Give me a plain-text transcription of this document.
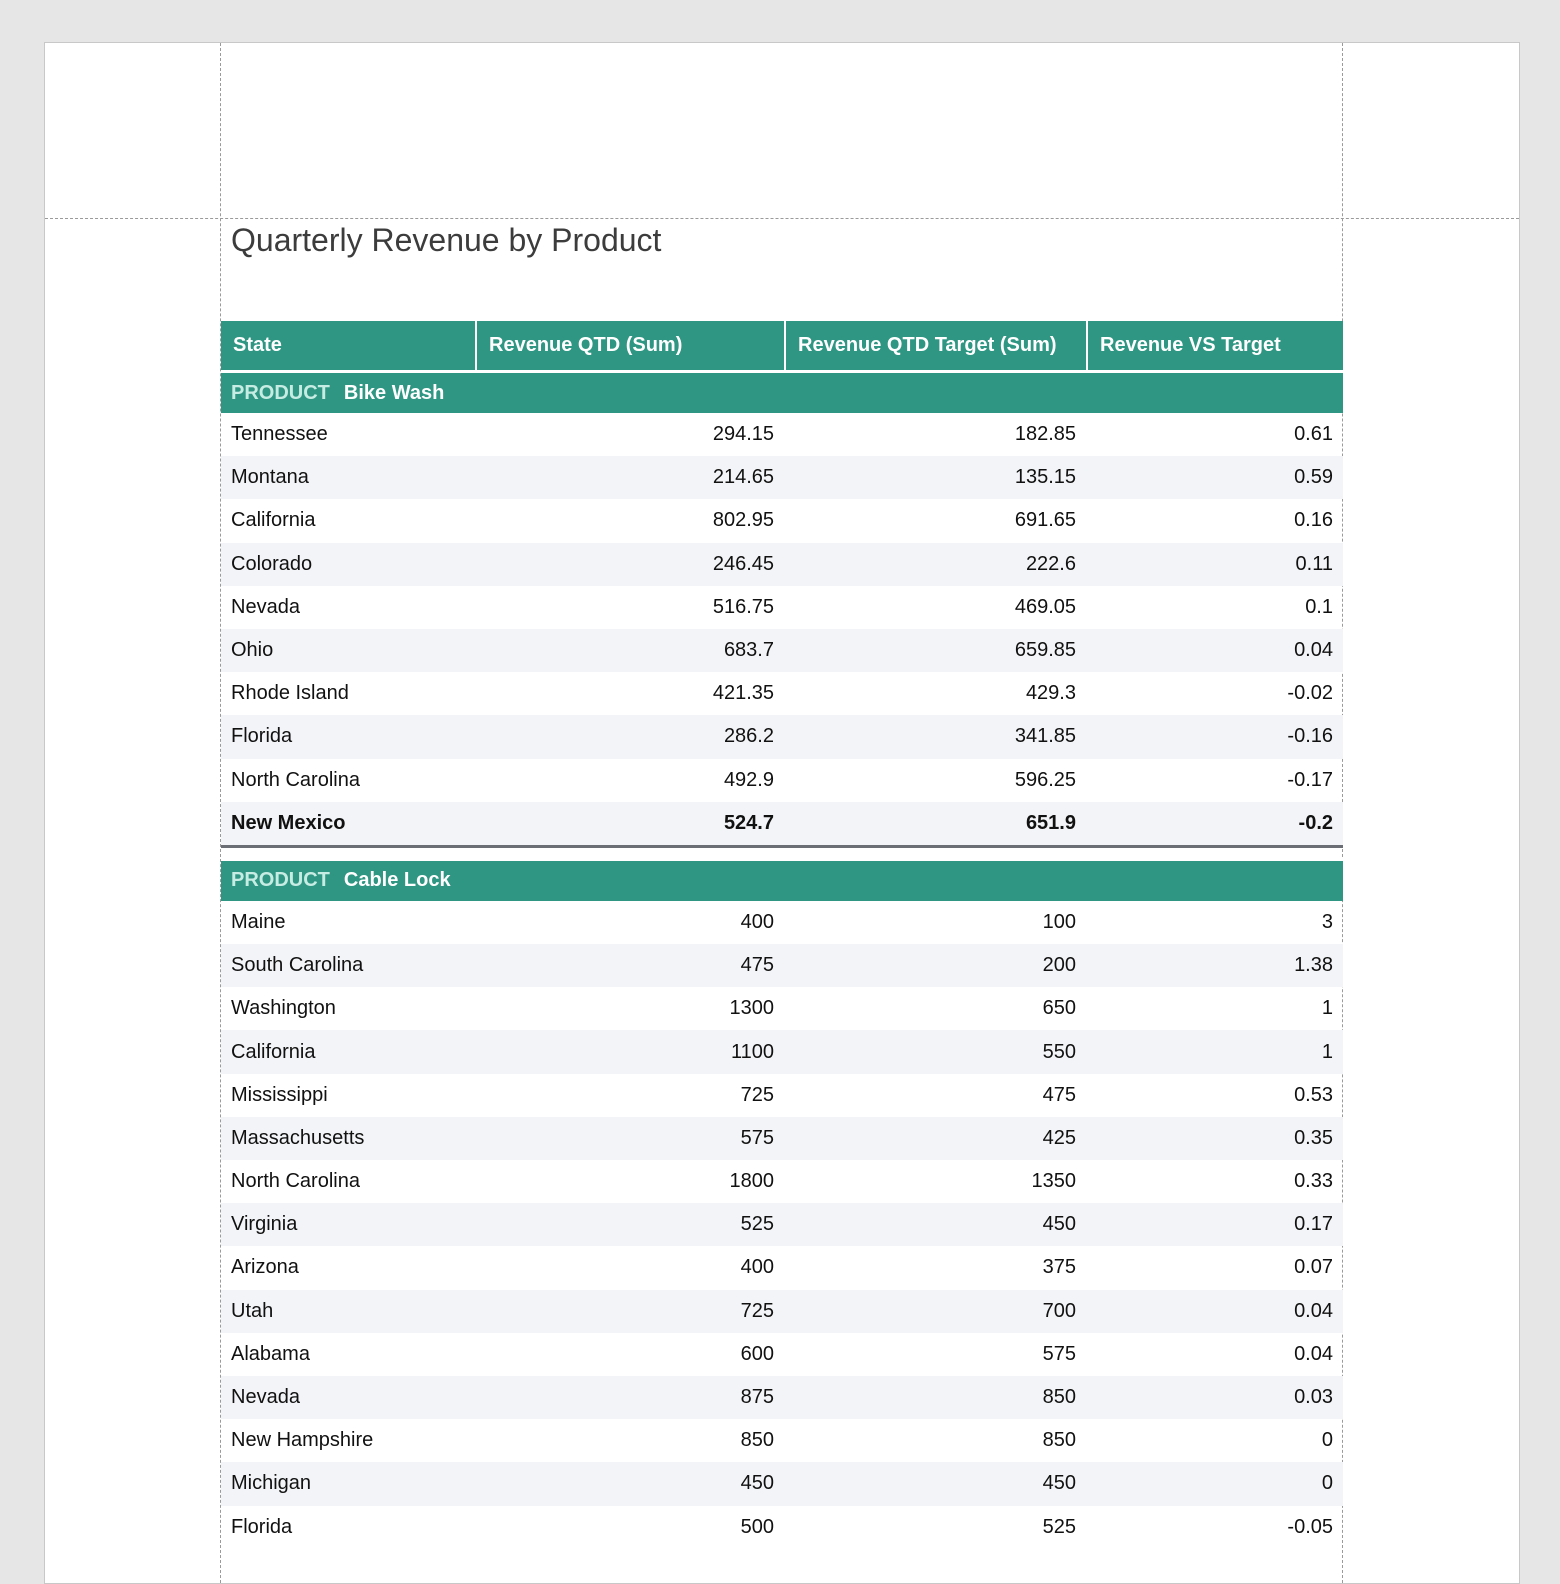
Quarterly Revenue by Product
State	Revenue QTD (Sum)	Revenue QTD Target (Sum)	Revenue VS Target
PRODUCT Bike Wash
Tennessee	294.15	182.85	0.61
Montana	214.65	135.15	0.59
California	802.95	691.65	0.16
Colorado	246.45	222.6	0.11
Nevada	516.75	469.05	0.1
Ohio	683.7	659.85	0.04
Rhode Island	421.35	429.3	-0.02
Florida	286.2	341.85	-0.16
North Carolina	492.9	596.25	-0.17
New Mexico	524.7	651.9	-0.2
PRODUCT Cable Lock
Maine	400	100	3
South Carolina	475	200	1.38
Washington	1300	650	1
California	1100	550	1
Mississippi	725	475	0.53
Massachusetts	575	425	0.35
North Carolina	1800	1350	0.33
Virginia	525	450	0.17
Arizona	400	375	0.07
Utah	725	700	0.04
Alabama	600	575	0.04
Nevada	875	850	0.03
New Hampshire	850	850	0
Michigan	450	450	0
Florida	500	525	-0.05
